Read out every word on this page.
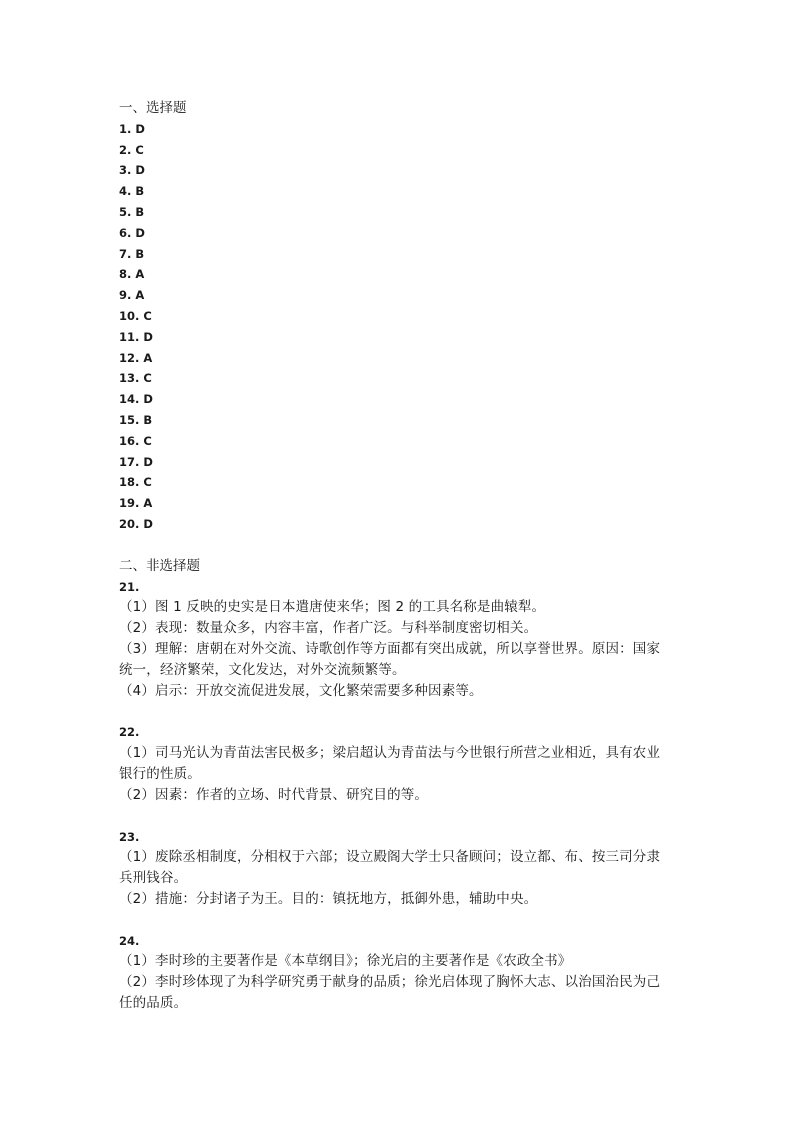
一、选择题

1. D
2. C
3. D
4. B
5. B
6. D
7. B
8. A
9. A
10. C
11. D
12. A
13. C
14. D
15. B
16. C
17. D
18. C
19. A
20. D

二、非选择题

21.

（1）图 1 反映的史实是日本遣唐使来华；图 2 的工具名称是曲辕犁。

（2）表现：数量众多，内容丰富，作者广泛。与科举制度密切相关。

（3）理解：唐朝在对外交流、诗歌创作等方面都有突出成就，所以享誉世界。原因：国家

统一，经济繁荣，文化发达，对外交流频繁等。

（4）启示：开放交流促进发展，文化繁荣需要多种因素等。

22.

（1）司马光认为青苗法害民极多；梁启超认为青苗法与今世银行所营之业相近，具有农业

银行的性质。

（2）因素：作者的立场、时代背景、研究目的等。

23.

（1）废除丞相制度，分相权于六部；设立殿阁大学士只备顾问；设立都、布、按三司分隶

兵刑钱谷。

（2）措施：分封诸子为王。目的：镇抚地方，抵御外患，辅助中央。

24.

（1）李时珍的主要著作是《本草纲目》；徐光启的主要著作是《农政全书》

（2）李时珍体现了为科学研究勇于献身的品质；徐光启体现了胸怀大志、以治国治民为己

任的品质。
